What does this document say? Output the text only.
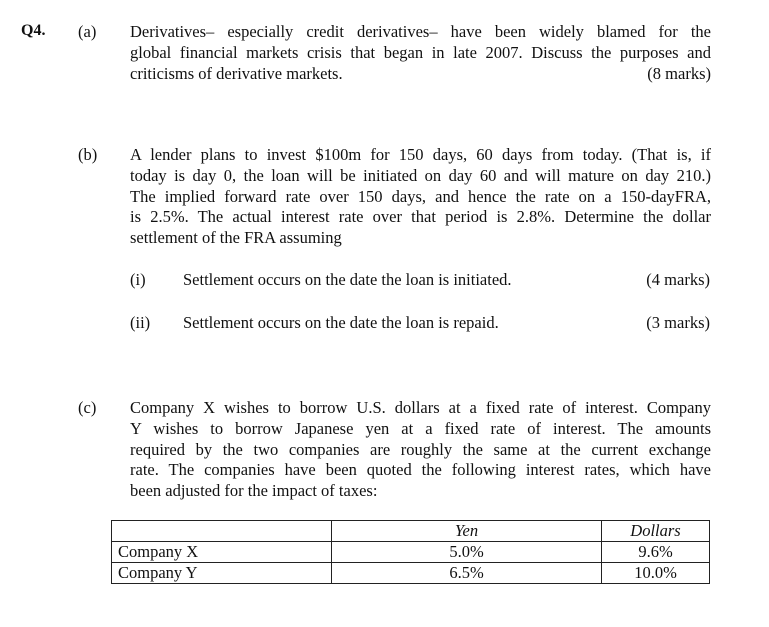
Q4. (a) Derivatives– especially credit derivatives– have been widely blamed for the
global financial markets crisis that began in late 2007. Discuss the purposes and
criticisms of derivative markets.	(8 marks)
(b) A lender plans to invest $100m for 150 days, 60 days from today. (That is, if
today is day 0, the loan will be initiated on day 60 and will mature on day 210.)
The implied forward rate over 150 days, and hence the rate on a 150-dayFRA,
is 2.5%. The actual interest rate over that period is 2.8%. Determine the dollar
settlement of the FRA assuming
(i) Settlement occurs on the date the loan is initiated.	(4 marks)
(ii) Settlement occurs on the date the loan is repaid.	(3 marks)
(c) Company X wishes to borrow U.S. dollars at a fixed rate of interest. Company
Y wishes to borrow Japanese yen at a fixed rate of interest. The amounts
required by the two companies are roughly the same at the current exchange
rate. The companies have been quoted the following interest rates, which have
been adjusted for the impact of taxes:
	Yen	Dollars
Company X	5.0%	9.6%
Company Y	6.5%	10.0%
